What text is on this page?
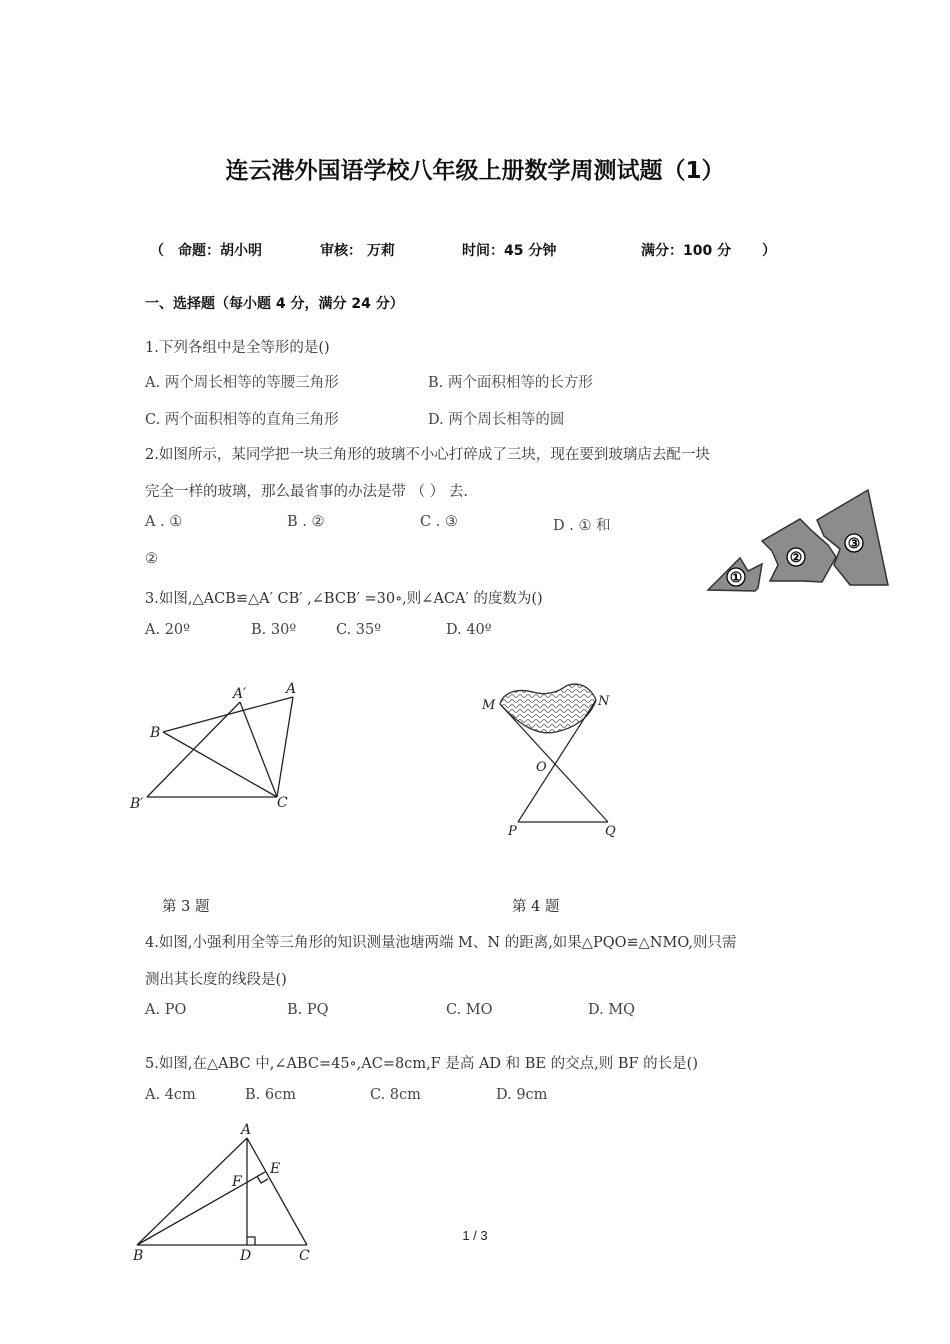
连云港外国语学校八年级上册数学周测试题（1）
（ 命题：胡小明	审核： 万莉	时间：45 分钟	满分：100 分 ）
一、选择题（每小题 4 分，满分 24 分）
1.下列各组中是全等形的是()
A. 两个周长相等的等腰三角形	B. 两个面积相等的长方形
C. 两个面积相等的直角三角形	D. 两个周长相等的圆
2.如图所示，某同学把一块三角形的玻璃不小心打碎成了三块，现在要到玻璃店去配一块
完全一样的玻璃，那么最省事的办法是带 （ ） 去.
A . ①	B . ②	C . ③	D . ① 和
②
①
②
③
3.如图,△ACB≌△A′ CB′ ,∠BCB′ =30∘,则∠ACA′ 的度数为()
A. 20º	B. 30º	C. 35º	D. 40º
A
A′
B
B′	C
M	N
O
P	Q
第 3 题	第 4 题
4.如图,小强利用全等三角形的知识测量池塘两端 M、N 的距离,如果△PQO≌△NMO,则只需
测出其长度的线段是()
A. PO	B. PQ	C. MO	D. MQ
5.如图,在△ABC 中,∠ABC=45∘,AC=8cm,F 是高 AD 和 BE 的交点,则 BF 的长是()
A. 4cm	B. 6cm	C. 8cm	D. 9cm
A
B	C
D
E
F
1 / 3
